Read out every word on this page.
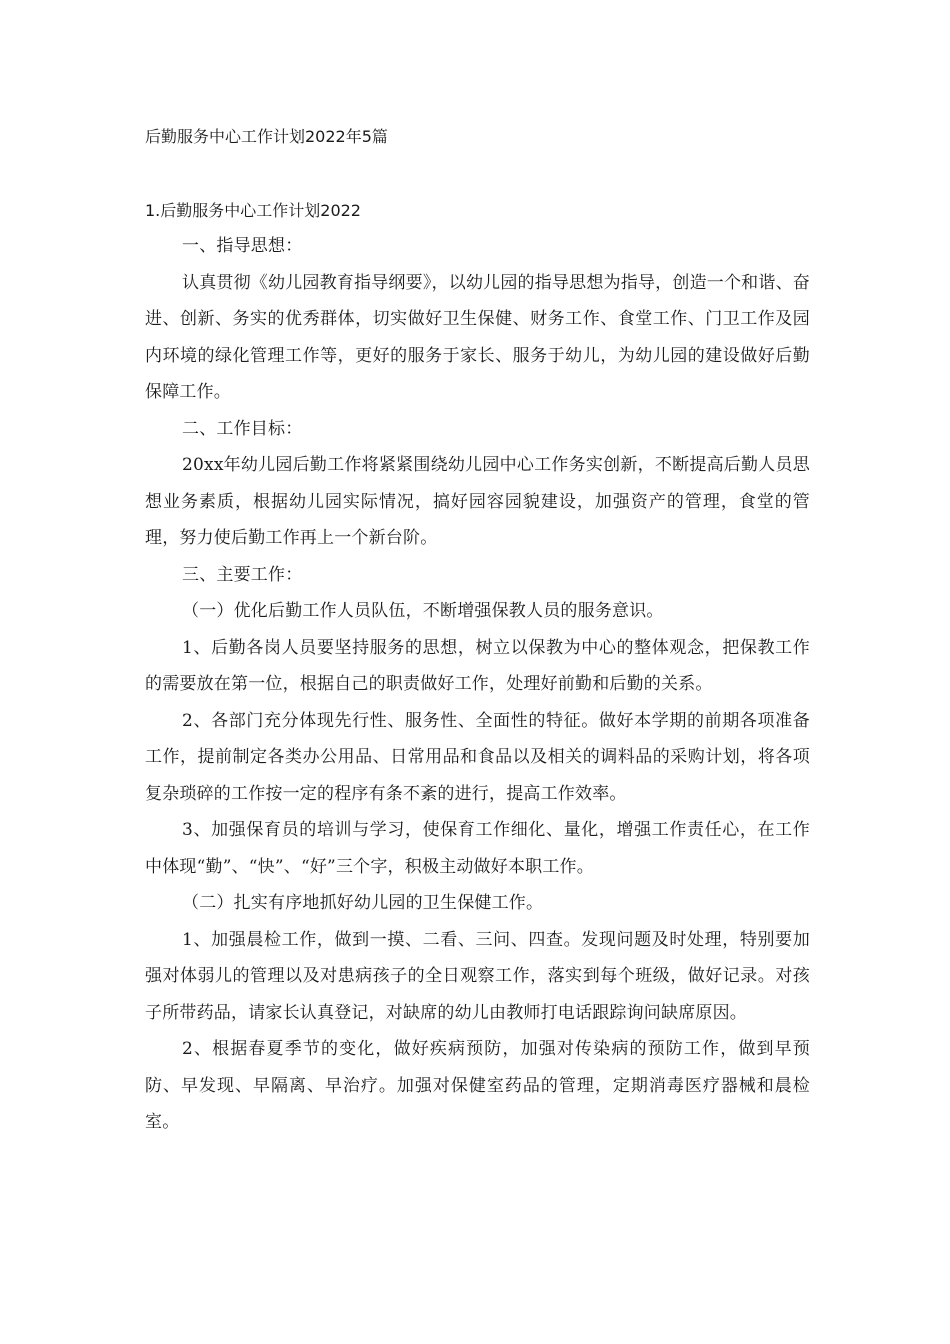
后勤服务中心工作计划2022年5篇
1.后勤服务中心工作计划2022

一、指导思想：

认真贯彻《幼儿园教育指导纲要》，以幼儿园的指导思想为指导，创造一个和谐、奋进、创新、务实的优秀群体，切实做好卫生保健、财务工作、食堂工作、门卫工作及园内环境的绿化管理工作等，更好的服务于家长、服务于幼儿，为幼儿园的建设做好后勤保障工作。

二、工作目标：

20xx年幼儿园后勤工作将紧紧围绕幼儿园中心工作务实创新，不断提高后勤人员思想业务素质，根据幼儿园实际情况，搞好园容园貌建设，加强资产的管理，食堂的管理，努力使后勤工作再上一个新台阶。

三、主要工作：

（一）优化后勤工作人员队伍，不断增强保教人员的服务意识。

1、后勤各岗人员要坚持服务的思想，树立以保教为中心的整体观念，把保教工作的需要放在第一位，根据自己的职责做好工作，处理好前勤和后勤的关系。

2、各部门充分体现先行性、服务性、全面性的特征。做好本学期的前期各项准备工作，提前制定各类办公用品、日常用品和食品以及相关的调料品的采购计划，将各项复杂琐碎的工作按一定的程序有条不紊的进行，提高工作效率。

3、加强保育员的培训与学习，使保育工作细化、量化，增强工作责任心，在工作中体现“勤”、“快”、“好”三个字，积极主动做好本职工作。

（二）扎实有序地抓好幼儿园的卫生保健工作。

1、加强晨检工作，做到一摸、二看、三问、四查。发现问题及时处理，特别要加强对体弱儿的管理以及对患病孩子的全日观察工作，落实到每个班级，做好记录。对孩子所带药品，请家长认真登记，对缺席的幼儿由教师打电话跟踪询问缺席原因。

2、根据春夏季节的变化，做好疾病预防，加强对传染病的预防工作，做到早预防、早发现、早隔离、早治疗。加强对保健室药品的管理，定期消毒医疗器械和晨检室。
